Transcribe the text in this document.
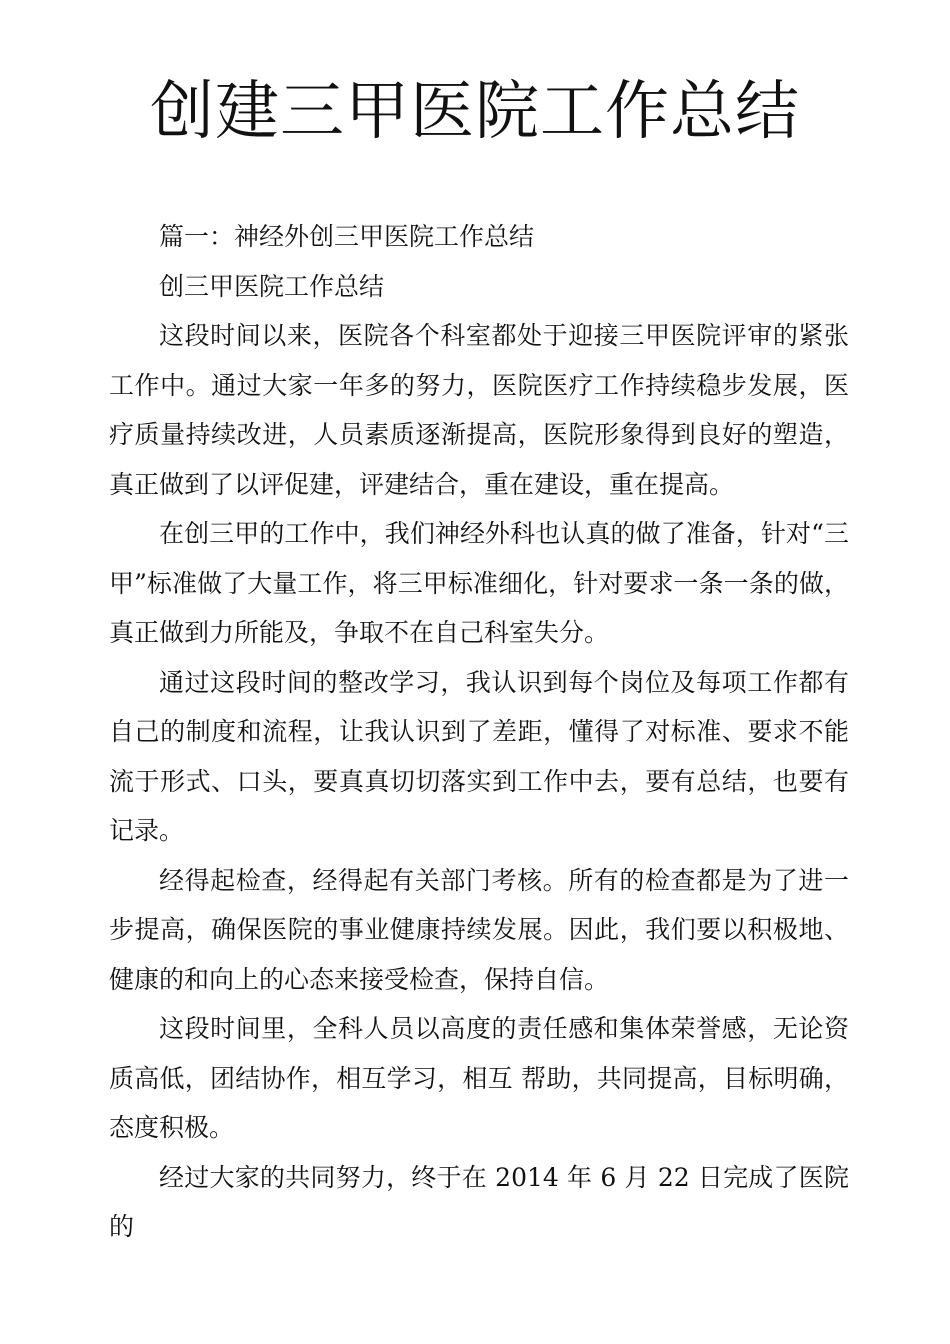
创建三甲医院工作总结

篇一：神经外创三甲医院工作总结

创三甲医院工作总结

这段时间以来，医院各个科室都处于迎接三甲医院评审的紧张工作中。通过大家一年多的努力，医院医疗工作持续稳步发展，医疗质量持续改进，人员素质逐渐提高，医院形象得到良好的塑造，真正做到了以评促建，评建结合，重在建设，重在提高。

在创三甲的工作中，我们神经外科也认真的做了准备，针对“三甲”标准做了大量工作，将三甲标准细化，针对要求一条一条的做，真正做到力所能及，争取不在自己科室失分。

通过这段时间的整改学习，我认识到每个岗位及每项工作都有自己的制度和流程，让我认识到了差距，懂得了对标准、要求不能流于形式、口头，要真真切切落实到工作中去，要有总结，也要有记录。

经得起检查，经得起有关部门考核。所有的检查都是为了进一步提高，确保医院的事业健康持续发展。因此，我们要以积极地、健康的和向上的心态来接受检查，保持自信。

这段时间里，全科人员以高度的责任感和集体荣誉感，无论资质高低，团结协作，相互学习，相互 帮助，共同提高，目标明确，态度积极。

经过大家的共同努力，终于在 2014 年 6 月 22 日完成了医院的
